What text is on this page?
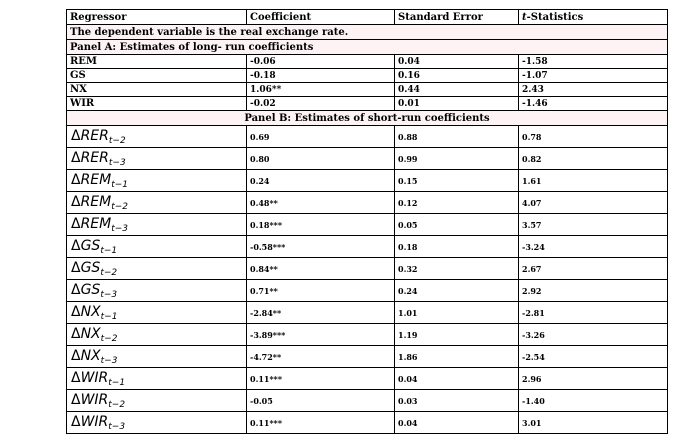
Regressor	Coefficient	Standard Error	t-Statistics
The dependent variable is the real exchange rate.			
Panel A: Estimates of long- run coefficients			
REM	-0.06	0.04	-1.58
GS	-0.18	0.16	-1.07
NX	1.06**	0.44	2.43
WIR	-0.02	0.01	-1.46
Panel B: Estimates of short-run coefficients			
$\Delta RER_{t-2}$	0.69	0.88	0.78
$\Delta RER_{t-3}$	0.80	0.99	0.82
$\Delta REM_{t-1}$	0.24	0.15	1.61
$\Delta REM_{t-2}$	0.48**	0.12	4.07
$\Delta REM_{t-3}$	0.18***	0.05	3.57
$\Delta GS_{t-1}$	-0.58***	0.18	-3.24
$\Delta GS_{t-2}$	0.84**	0.32	2.67
$\Delta GS_{t-3}$	0.71**	0.24	2.92
$\Delta NX_{t-1}$	-2.84**	1.01	-2.81
$\Delta NX_{t-2}$	-3.89***	1.19	-3.26
$\Delta NX_{t-3}$	-4.72**	1.86	-2.54
$\Delta WIR_{t-1}$	0.11***	0.04	2.96
$\Delta WIR_{t-2}$	-0.05	0.03	-1.40
$\Delta WIR_{t-3}$	0.11***	0.04	3.01
